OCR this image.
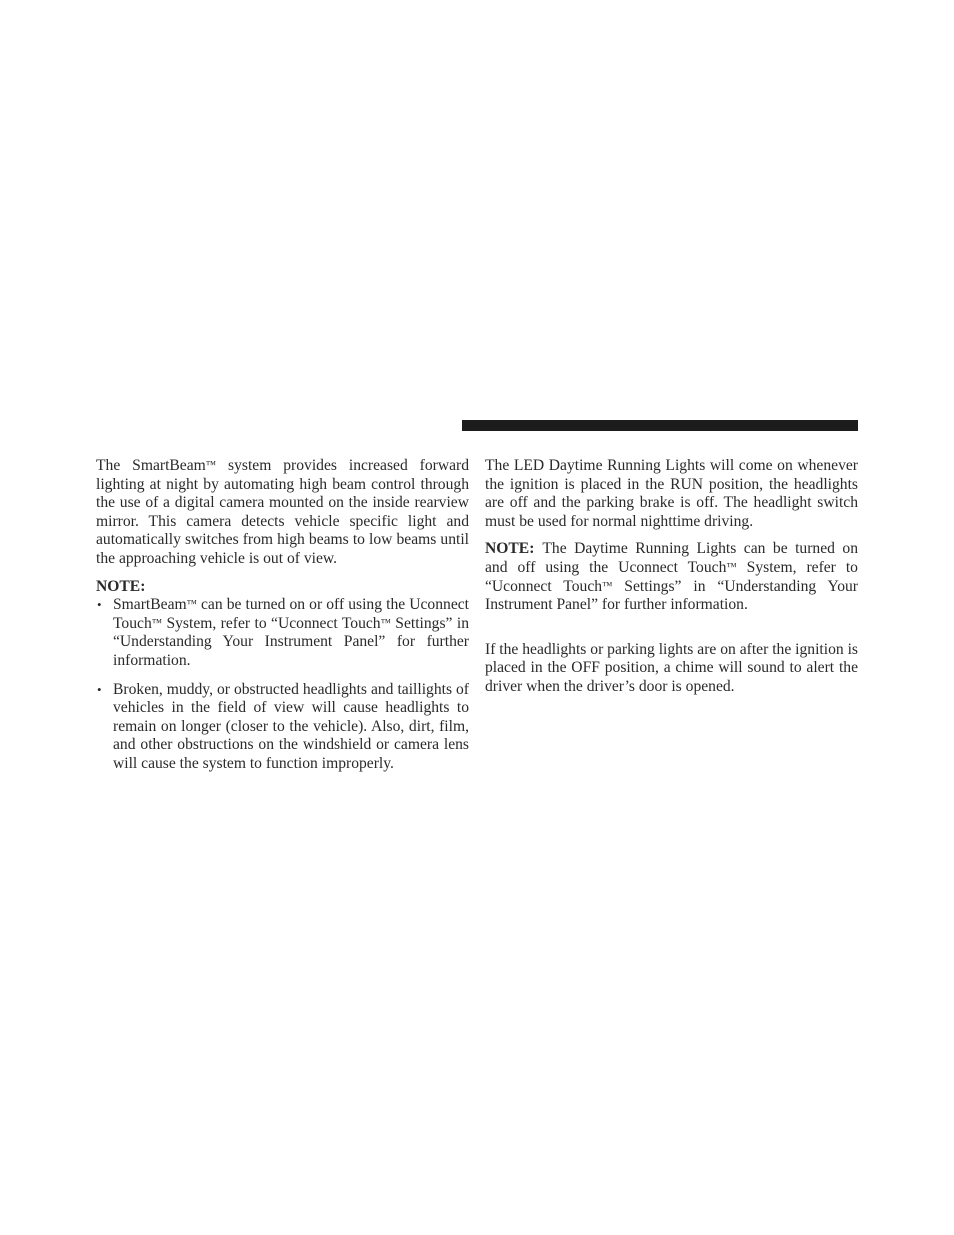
The SmartBeam™ system provides increased forward lighting at night by automating high beam control through the use of a digital camera mounted on the inside rearview mirror. This camera detects vehicle specific light and automatically switches from high beams to low beams until the approaching vehicle is out of view.

NOTE:
• SmartBeam™ can be turned on or off using the Uconnect Touch™ System, refer to “Uconnect Touch™ Settings” in “Understanding Your Instrument Panel” for further information.
• Broken, muddy, or obstructed headlights and taillights of vehicles in the field of view will cause headlights to remain on longer (closer to the vehicle). Also, dirt, film, and other obstructions on the windshield or camera lens will cause the system to function improperly.

The LED Daytime Running Lights will come on whenever the ignition is placed in the RUN position, the headlights are off and the parking brake is off. The headlight switch must be used for normal nighttime driving.

NOTE: The Daytime Running Lights can be turned on and off using the Uconnect Touch™ System, refer to “Uconnect Touch™ Settings” in “Understanding Your Instrument Panel” for further information.

If the headlights or parking lights are on after the ignition is placed in the OFF position, a chime will sound to alert the driver when the driver’s door is opened.
